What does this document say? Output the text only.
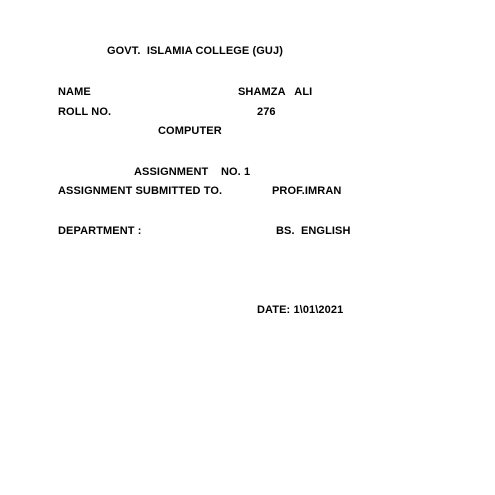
GOVT.  ISLAMIA COLLEGE (GUJ)
NAME	SHAMZA   ALI
ROLL NO.	276
COMPUTER
ASSIGNMENT    NO. 1
ASSIGNMENT SUBMITTED TO.	PROF.IMRAN
DEPARTMENT :	BS.  ENGLISH
DATE: 1\01\2021
